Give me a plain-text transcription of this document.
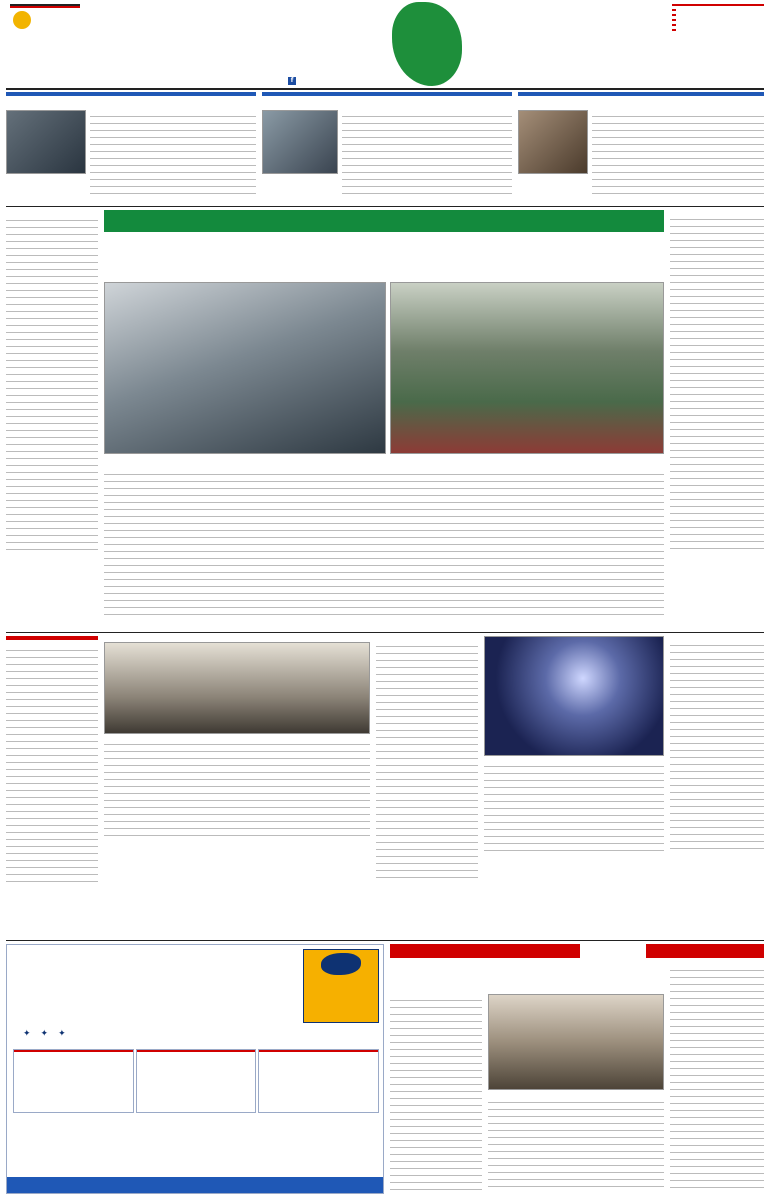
f
✦ ✦ ✦
